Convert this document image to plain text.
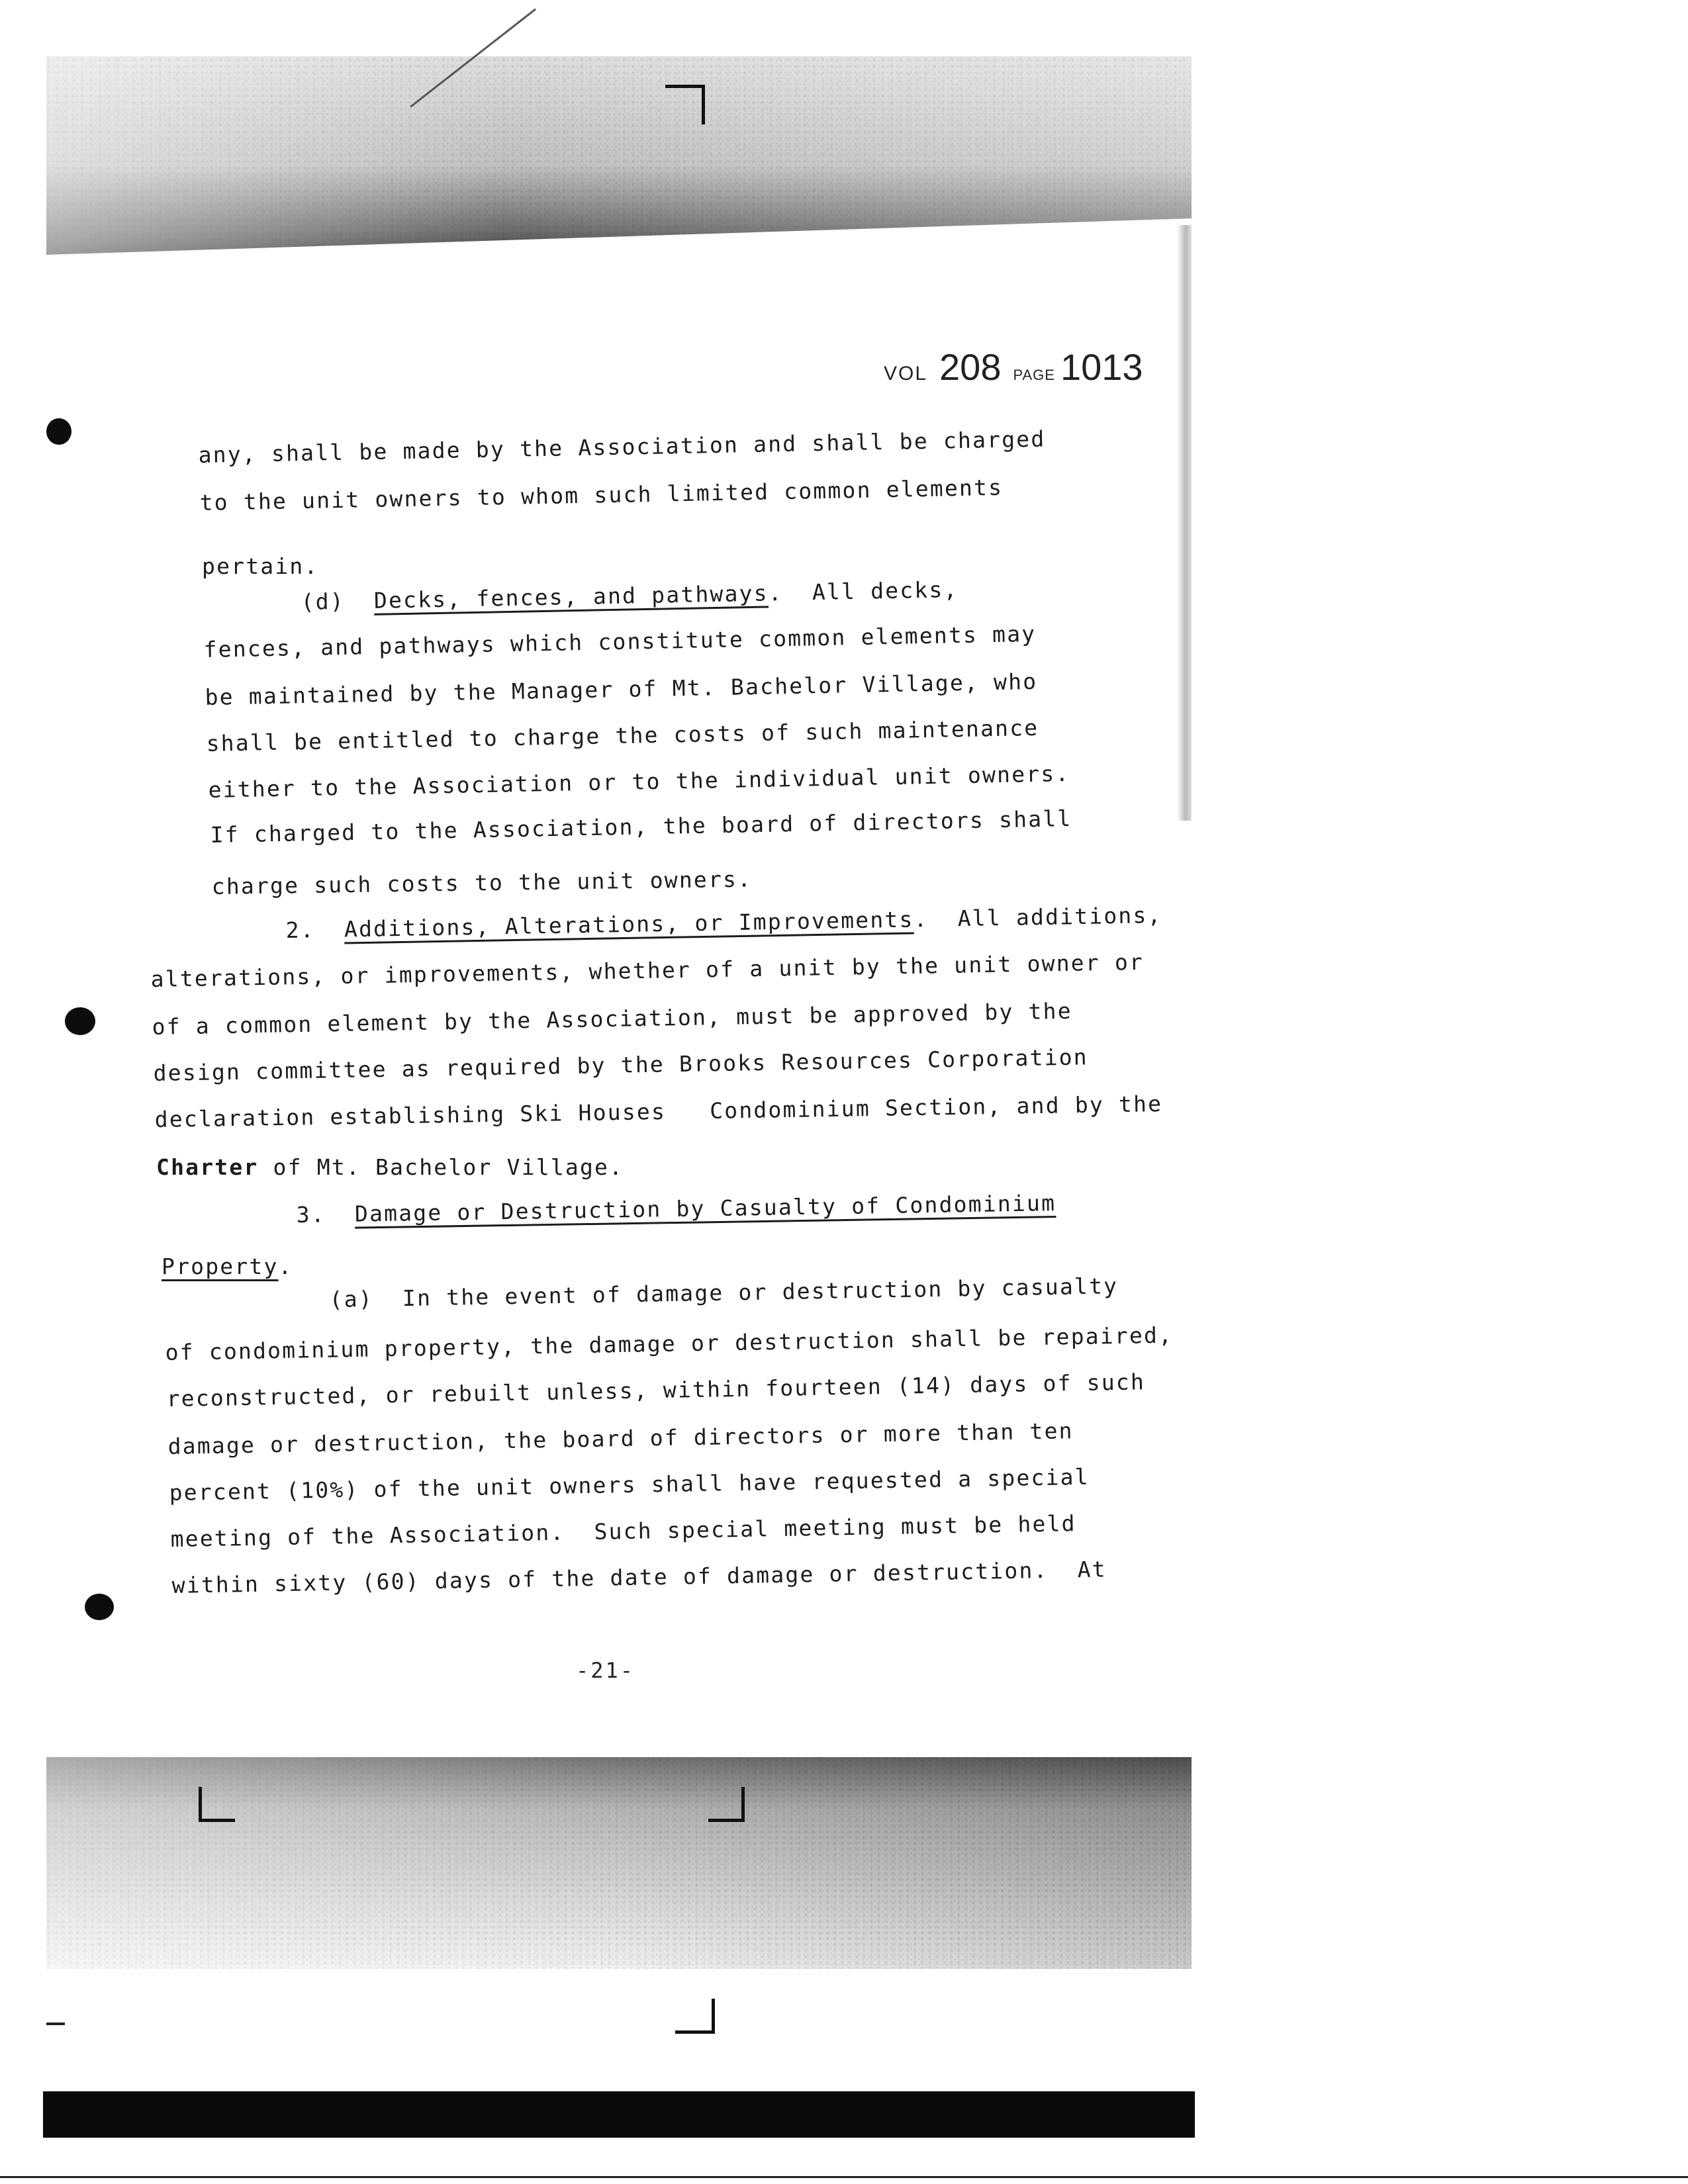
VOL 208 PAGE 1013
any, shall be made by the Association and shall be charged
to the unit owners to whom such limited common elements
pertain.
(d) Decks, fences, and pathways.  All decks,
fences, and pathways which constitute common elements may
be maintained by the Manager of Mt. Bachelor Village, who
shall be entitled to charge the costs of such maintenance
either to the Association or to the individual unit owners.
If charged to the Association, the board of directors shall
charge such costs to the unit owners.
2. Additions, Alterations, or Improvements.  All additions,
alterations, or improvements, whether of a unit by the unit owner or
of a common element by the Association, must be approved by the
design committee as required by the Brooks Resources Corporation
declaration establishing Ski Houses   Condominium Section, and by the
Charter of Mt. Bachelor Village.
3. Damage or Destruction by Casualty of Condominium
Property.
(a) In the event of damage or destruction by casualty
of condominium property, the damage or destruction shall be repaired,
reconstructed, or rebuilt unless, within fourteen (14) days of such
damage or destruction, the board of directors or more than ten
percent (10%) of the unit owners shall have requested a special
meeting of the Association.  Such special meeting must be held
within sixty (60) days of the date of damage or destruction.  At
-21-
